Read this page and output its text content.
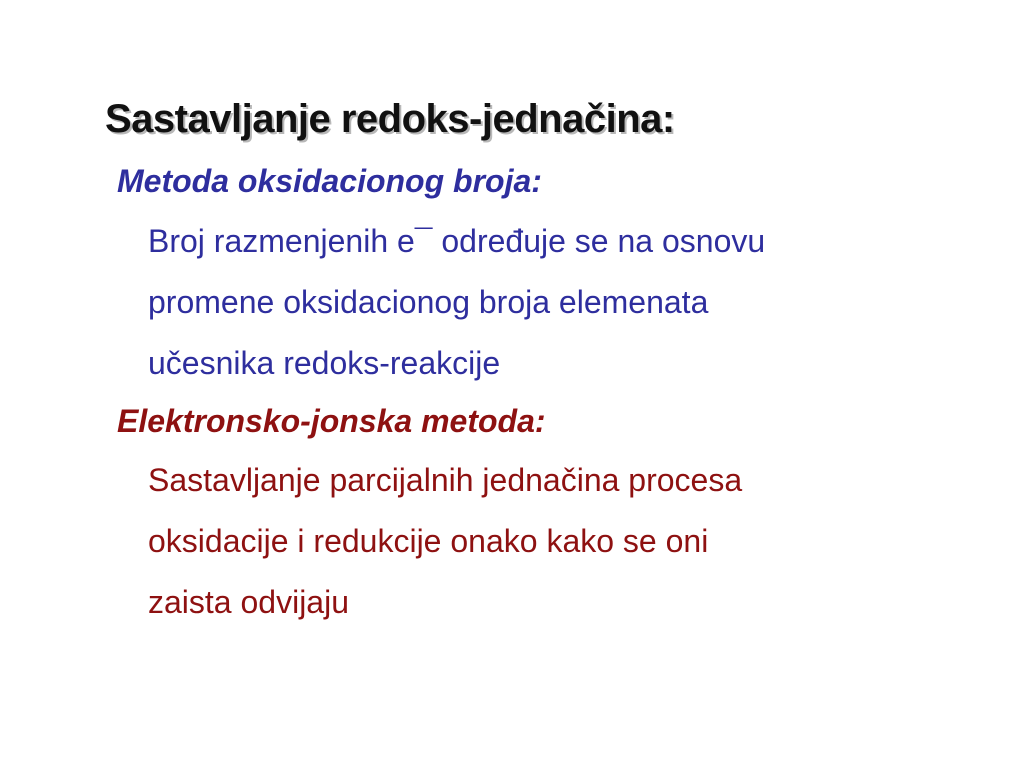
Sastavljanje redoks-jednačina:
Metoda oksidacionog broja:
Broj razmenjenih e¯ određuje se na osnovu
promene oksidacionog broja elemenata
učesnika redoks-reakcije
Elektronsko-jonska metoda:
Sastavljanje parcijalnih jednačina procesa
oksidacije i redukcije onako kako se oni
zaista odvijaju
